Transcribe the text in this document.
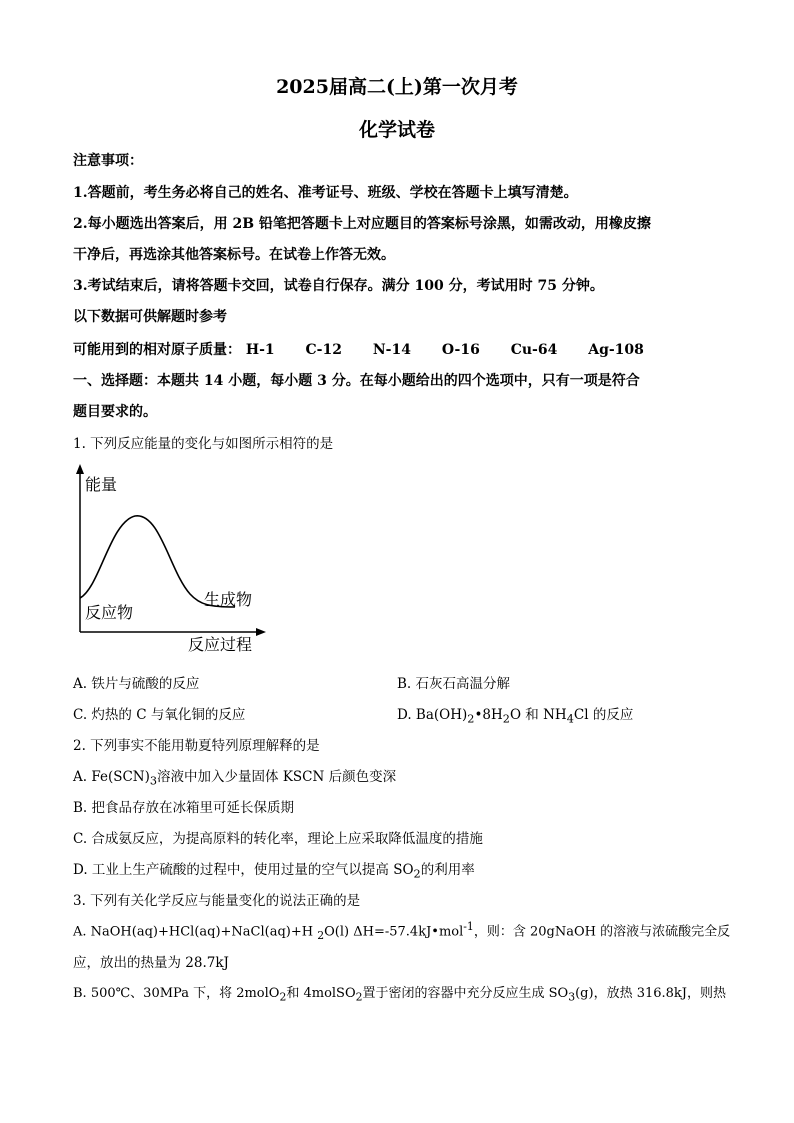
2025届高二(上)第一次月考
化学试卷
注意事项：
1.答题前，考生务必将自己的姓名、准考证号、班级、学校在答题卡上填写清楚。
2.每小题选出答案后，用 2B 铅笔把答题卡上对应题目的答案标号涂黑，如需改动，用橡皮擦
干净后，再选涂其他答案标号。在试卷上作答无效。
3.考试结束后，请将答题卡交回，试卷自行保存。满分 100 分，考试用时 75 分钟。
以下数据可供解题时参考
可能用到的相对原子质量： H-1 C-12 N-14 O-16 Cu-64 Ag-108
一、选择题：本题共 14 小题，每小题 3 分。在每小题给出的四个选项中，只有一项是符合
题目要求的。
1. 下列反应能量的变化与如图所示相符的是
能量
反应物
生成物
反应过程
A. 铁片与硫酸的反应	B. 石灰石高温分解
C. 灼热的 C 与氧化铜的反应	D. $Ba(OH)_2•8H_2O$ 和 $NH_4Cl$ 的反应
2. 下列事实不能用勒夏特列原理解释的是
A. $Fe(SCN)_3$溶液中加入少量固体 KSCN 后颜色变深
B. 把食品存放在冰箱里可延长保质期
C. 合成氨反应，为提高原料的转化率，理论上应采取降低温度的措施
D. 工业上生产硫酸的过程中，使用过量的空气以提高 $SO_2$的利用率
3. 下列有关化学反应与能量变化的说法正确的是
A. NaOH(aq)+HCl(aq)+NaCl(aq)+H $_2$O(l) ΔH=-57.4kJ•mol$^{-1}$，则：含 20gNaOH 的溶液与浓硫酸完全反
应，放出的热量为 28.7kJ
B. 500℃、30MPa 下，将 2molO$_2$和 4molSO$_2$置于密闭的容器中充分反应生成 $SO_3(g)$，放热 316.8kJ，则热
